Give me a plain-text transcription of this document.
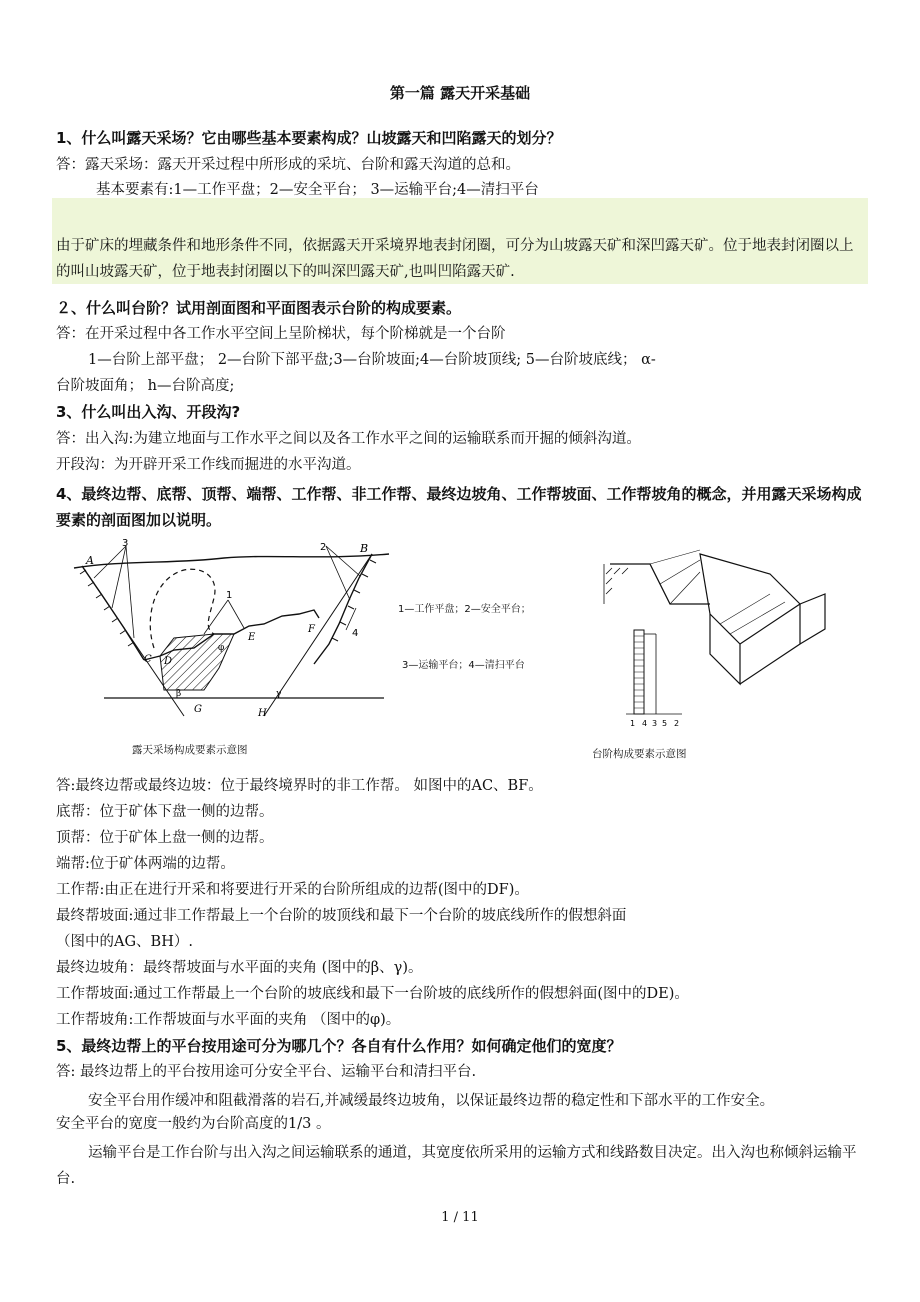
第一篇 露天开采基础
1、什么叫露天采场？它由哪些基本要素构成？山坡露天和凹陷露天的划分？
答：露天采场：露天开采过程中所形成的采坑、台阶和露天沟道的总和。
基本要素有:1—工作平盘；2—安全平台； 3—运输平台;4—清扫平台
由于矿床的埋藏条件和地形条件不同，依据露天开采境界地表封闭圈，可分为山坡露天矿和深凹露天矿。位于地表封闭圈以上的叫山坡露天矿，位于地表封闭圈以下的叫深凹露天矿,也叫凹陷露天矿.
２、什么叫台阶？试用剖面图和平面图表示台阶的构成要素。
答：在开采过程中各工作水平空间上呈阶梯状，每个阶梯就是一个台阶
1—台阶上部平盘； 2—台阶下部平盘;3—台阶坡面;4—台阶坡顶线; 5—台阶坡底线； α-
台阶坡面角； h—台阶高度;
3、什么叫出入沟、开段沟?
答：出入沟:为建立地面与工作水平之间以及各工作水平之间的运输联系而开掘的倾斜沟道。
开段沟：为开辟开采工作线而掘进的水平沟道。
4、最终边帮、底帮、顶帮、端帮、工作帮、非工作帮、最终边坡角、工作帮坡面、工作帮坡角的概念，并用露天采场构成要素的剖面图加以说明。
A
B
C D
E
F
G	H
3	2
1
4
φ
β	γ
露天采场构成要素示意图
1—工作平盘；2—安全平台；
3—运输平台；4—清扫平台
1 4 3 5 2
台阶构成要素示意图
答:最终边帮或最终边坡：位于最终境界时的非工作帮。 如图中的AC、BF。
底帮：位于矿体下盘一侧的边帮。
顶帮：位于矿体上盘一侧的边帮。
端帮:位于矿体两端的边帮。
工作帮:由正在进行开采和将要进行开采的台阶所组成的边帮(图中的DF)。
最终帮坡面:通过非工作帮最上一个台阶的坡顶线和最下一个台阶的坡底线所作的假想斜面
（图中的AG、BH）.
最终边坡角：最终帮坡面与水平面的夹角 (图中的β、γ)。
工作帮坡面:通过工作帮最上一个台阶的坡底线和最下一台阶坡的底线所作的假想斜面(图中的DE)。
工作帮坡角:工作帮坡面与水平面的夹角 （图中的φ)。
5、最终边帮上的平台按用途可分为哪几个？各自有什么作用？如何确定他们的宽度？
答: 最终边帮上的平台按用途可分安全平台、运输平台和清扫平台.
安全平台用作缓冲和阻截滑落的岩石,并减缓最终边坡角，以保证最终边帮的稳定性和下部水平的工作安全。
安全平台的宽度一般约为台阶高度的1/3 。
运输平台是工作台阶与出入沟之间运输联系的通道，其宽度依所采用的运输方式和线路数目决定。出入沟也称倾斜运输平台.
1 / 11
